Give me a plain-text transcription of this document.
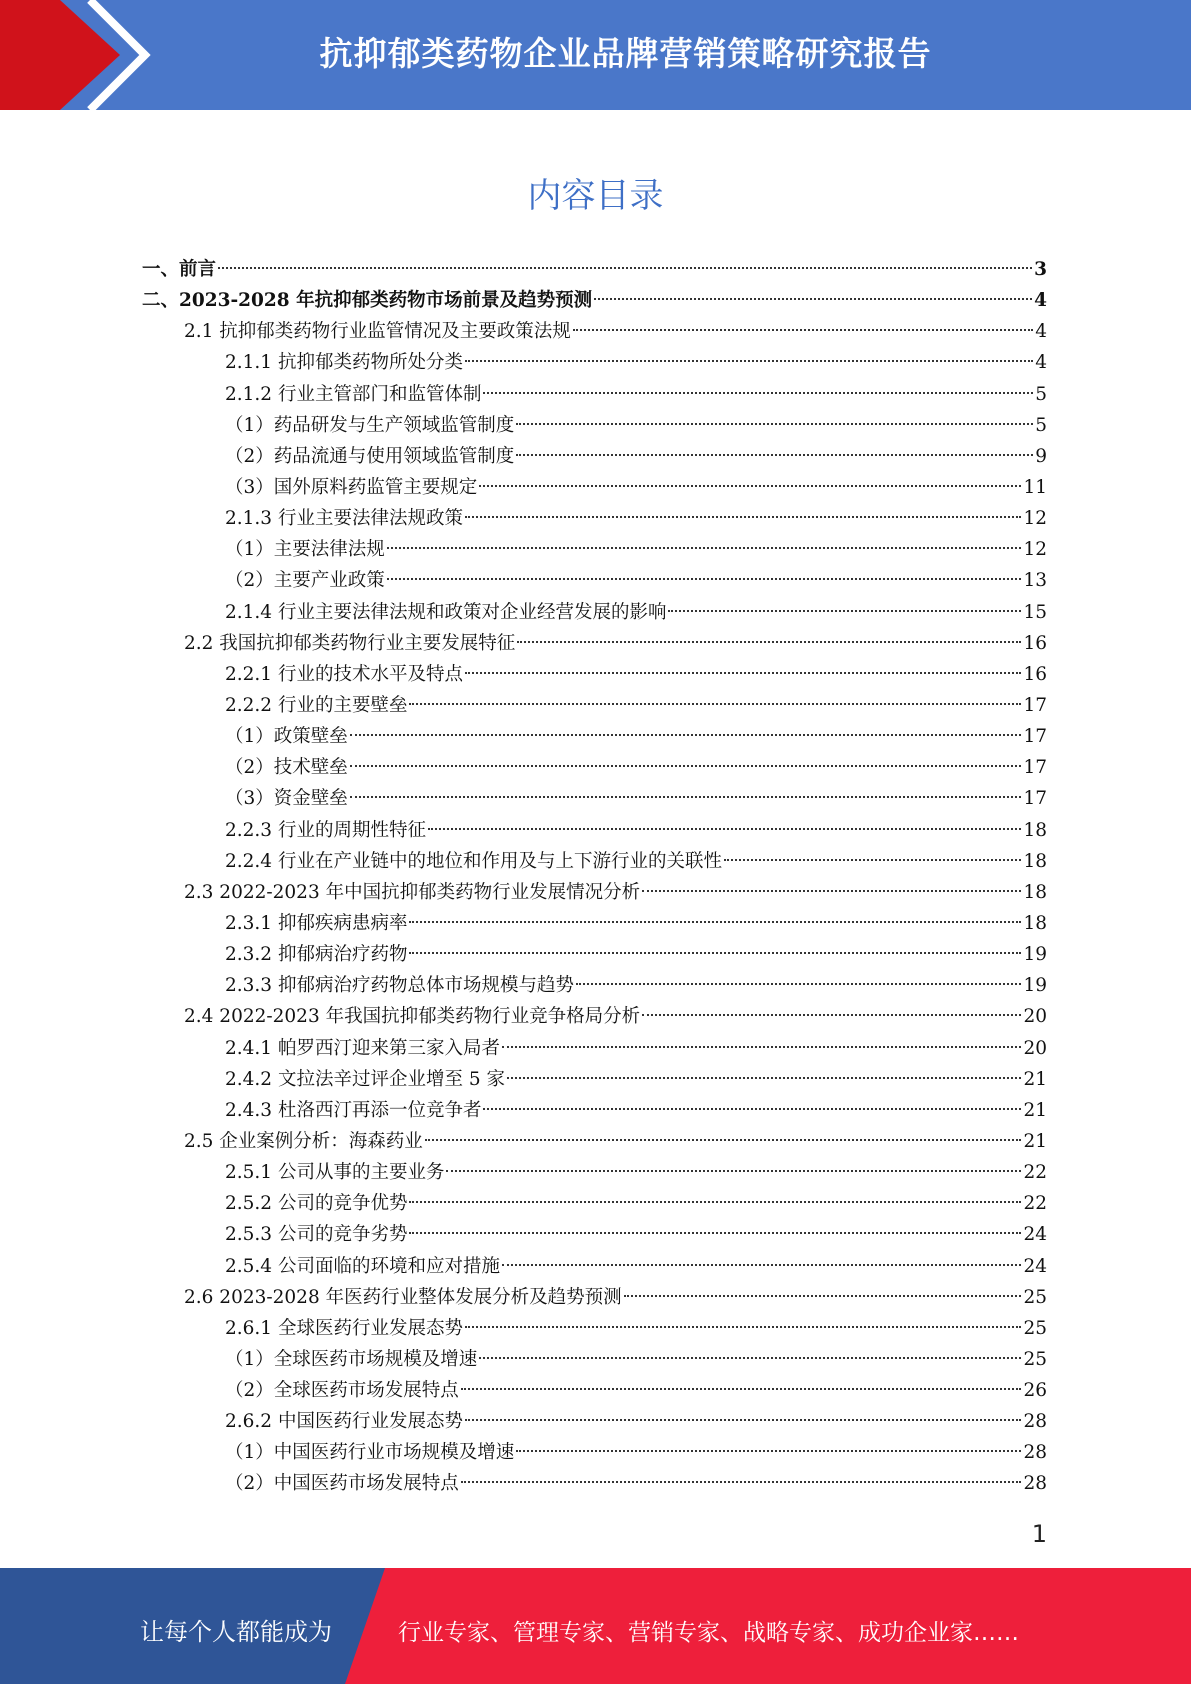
抗抑郁类药物企业品牌营销策略研究报告
内容目录
一、前言	3
二、2023-2028 年抗抑郁类药物市场前景及趋势预测	4
2.1 抗抑郁类药物行业监管情况及主要政策法规	4
2.1.1 抗抑郁类药物所处分类	4
2.1.2 行业主管部门和监管体制	5
（1）药品研发与生产领域监管制度	5
（2）药品流通与使用领域监管制度	9
（3）国外原料药监管主要规定	11
2.1.3 行业主要法律法规政策	12
（1）主要法律法规	12
（2）主要产业政策	13
2.1.4 行业主要法律法规和政策对企业经营发展的影响	15
2.2 我国抗抑郁类药物行业主要发展特征	16
2.2.1 行业的技术水平及特点	16
2.2.2 行业的主要壁垒	17
（1）政策壁垒	17
（2）技术壁垒	17
（3）资金壁垒	17
2.2.3 行业的周期性特征	18
2.2.4 行业在产业链中的地位和作用及与上下游行业的关联性	18
2.3 2022-2023 年中国抗抑郁类药物行业发展情况分析	18
2.3.1 抑郁疾病患病率	18
2.3.2 抑郁病治疗药物	19
2.3.3 抑郁病治疗药物总体市场规模与趋势	19
2.4 2022-2023 年我国抗抑郁类药物行业竞争格局分析	20
2.4.1 帕罗西汀迎来第三家入局者	20
2.4.2 文拉法辛过评企业增至 5 家	21
2.4.3 杜洛西汀再添一位竞争者	21
2.5 企业案例分析：海森药业	21
2.5.1 公司从事的主要业务	22
2.5.2 公司的竞争优势	22
2.5.3 公司的竞争劣势	24
2.5.4 公司面临的环境和应对措施	24
2.6 2023-2028 年医药行业整体发展分析及趋势预测	25
2.6.1 全球医药行业发展态势	25
（1）全球医药市场规模及增速	25
（2）全球医药市场发展特点	26
2.6.2 中国医药行业发展态势	28
（1）中国医药行业市场规模及增速	28
（2）中国医药市场发展特点	28
1
让每个人都能成为	行业专家、管理专家、营销专家、战略专家、成功企业家……
